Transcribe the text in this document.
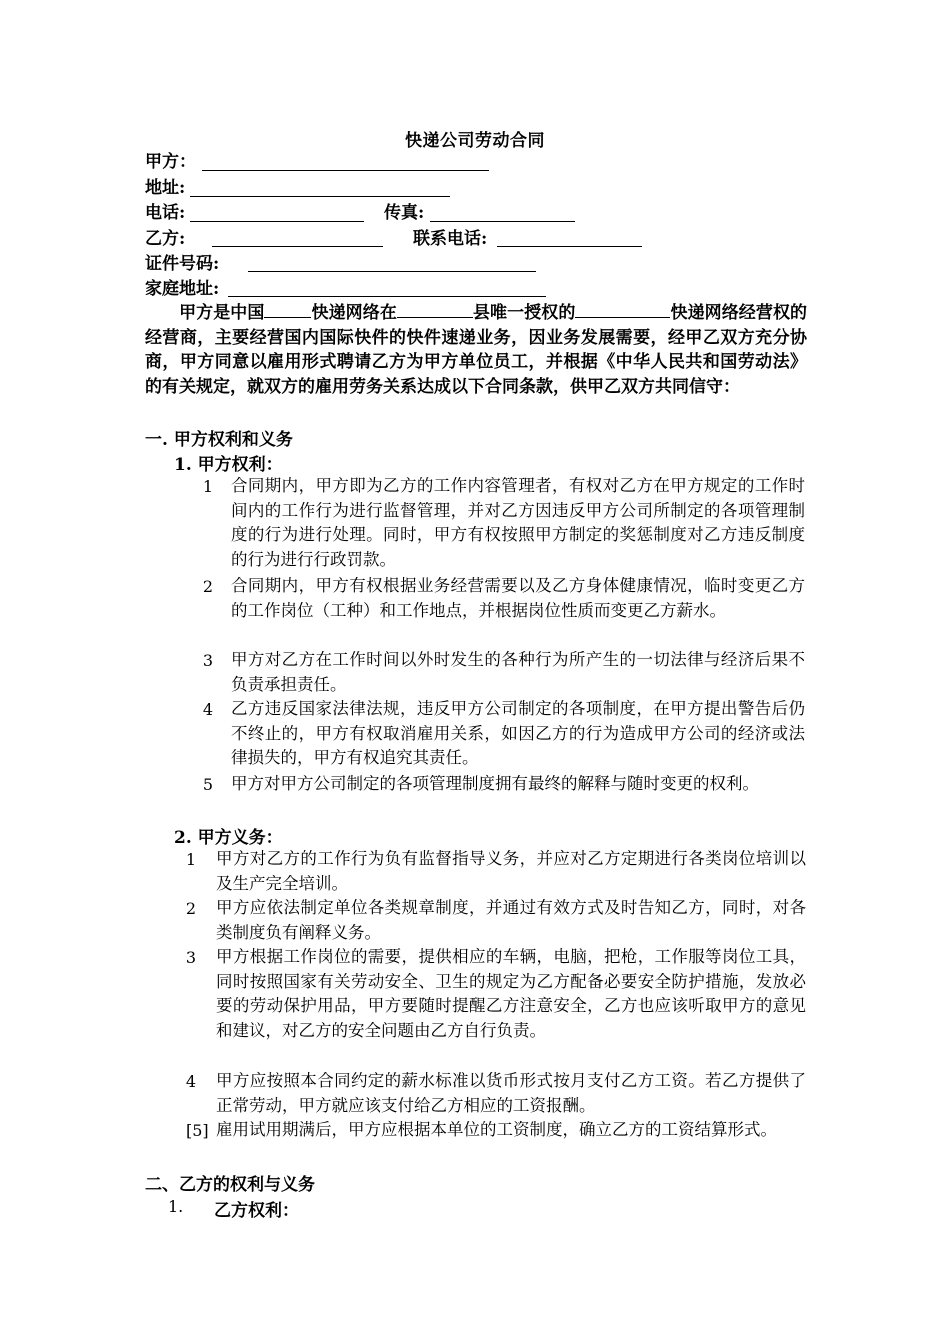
快递公司劳动合同
甲方：
地址:
电话:	传真:
乙方:	联系电话:
证件号码:
家庭地址:
甲方是中国	快递网络在	县唯一授权的	快递网络经营权的经营商，主要经营国内国际快件的快件速递业务，因业务发展需要，经甲乙双方充分协商，甲方同意以雇用形式聘请乙方为甲方单位员工，并根据《中华人民共和国劳动法》的有关规定，就双方的雇用劳务关系达成以下合同条款，供甲乙双方共同信守：
一. 甲方权利和义务
1. 甲方权利：
1 合同期内，甲方即为乙方的工作内容管理者，有权对乙方在甲方规定的工作时间内的工作行为进行监督管理，并对乙方因违反甲方公司所制定的各项管理制度的行为进行处理。同时，甲方有权按照甲方制定的奖惩制度对乙方违反制度的行为进行行政罚款。
2 合同期内，甲方有权根据业务经营需要以及乙方身体健康情况，临时变更乙方的工作岗位（工种）和工作地点，并根据岗位性质而变更乙方薪水。
3 甲方对乙方在工作时间以外时发生的各种行为所产生的一切法律与经济后果不负责承担责任。
4 乙方违反国家法律法规，违反甲方公司制定的各项制度，在甲方提出警告后仍不终止的，甲方有权取消雇用关系，如因乙方的行为造成甲方公司的经济或法律损失的，甲方有权追究其责任。
5 甲方对甲方公司制定的各项管理制度拥有最终的解释与随时变更的权利。
2. 甲方义务：
1 甲方对乙方的工作行为负有监督指导义务，并应对乙方定期进行各类岗位培训以及生产完全培训。
2 甲方应依法制定单位各类规章制度，并通过有效方式及时告知乙方，同时，对各类制度负有阐释义务。
3 甲方根据工作岗位的需要，提供相应的车辆，电脑，把枪，工作服等岗位工具，同时按照国家有关劳动安全、卫生的规定为乙方配备必要安全防护措施，发放必要的劳动保护用品，甲方要随时提醒乙方注意安全，乙方也应该听取甲方的意见和建议，对乙方的安全问题由乙方自行负责。
4 甲方应按照本合同约定的薪水标准以货币形式按月支付乙方工资。若乙方提供了正常劳动，甲方就应该支付给乙方相应的工资报酬。
[5] 雇用试用期满后，甲方应根据本单位的工资制度，确立乙方的工资结算形式。
二、乙方的权利与义务
1.	乙方权利：
